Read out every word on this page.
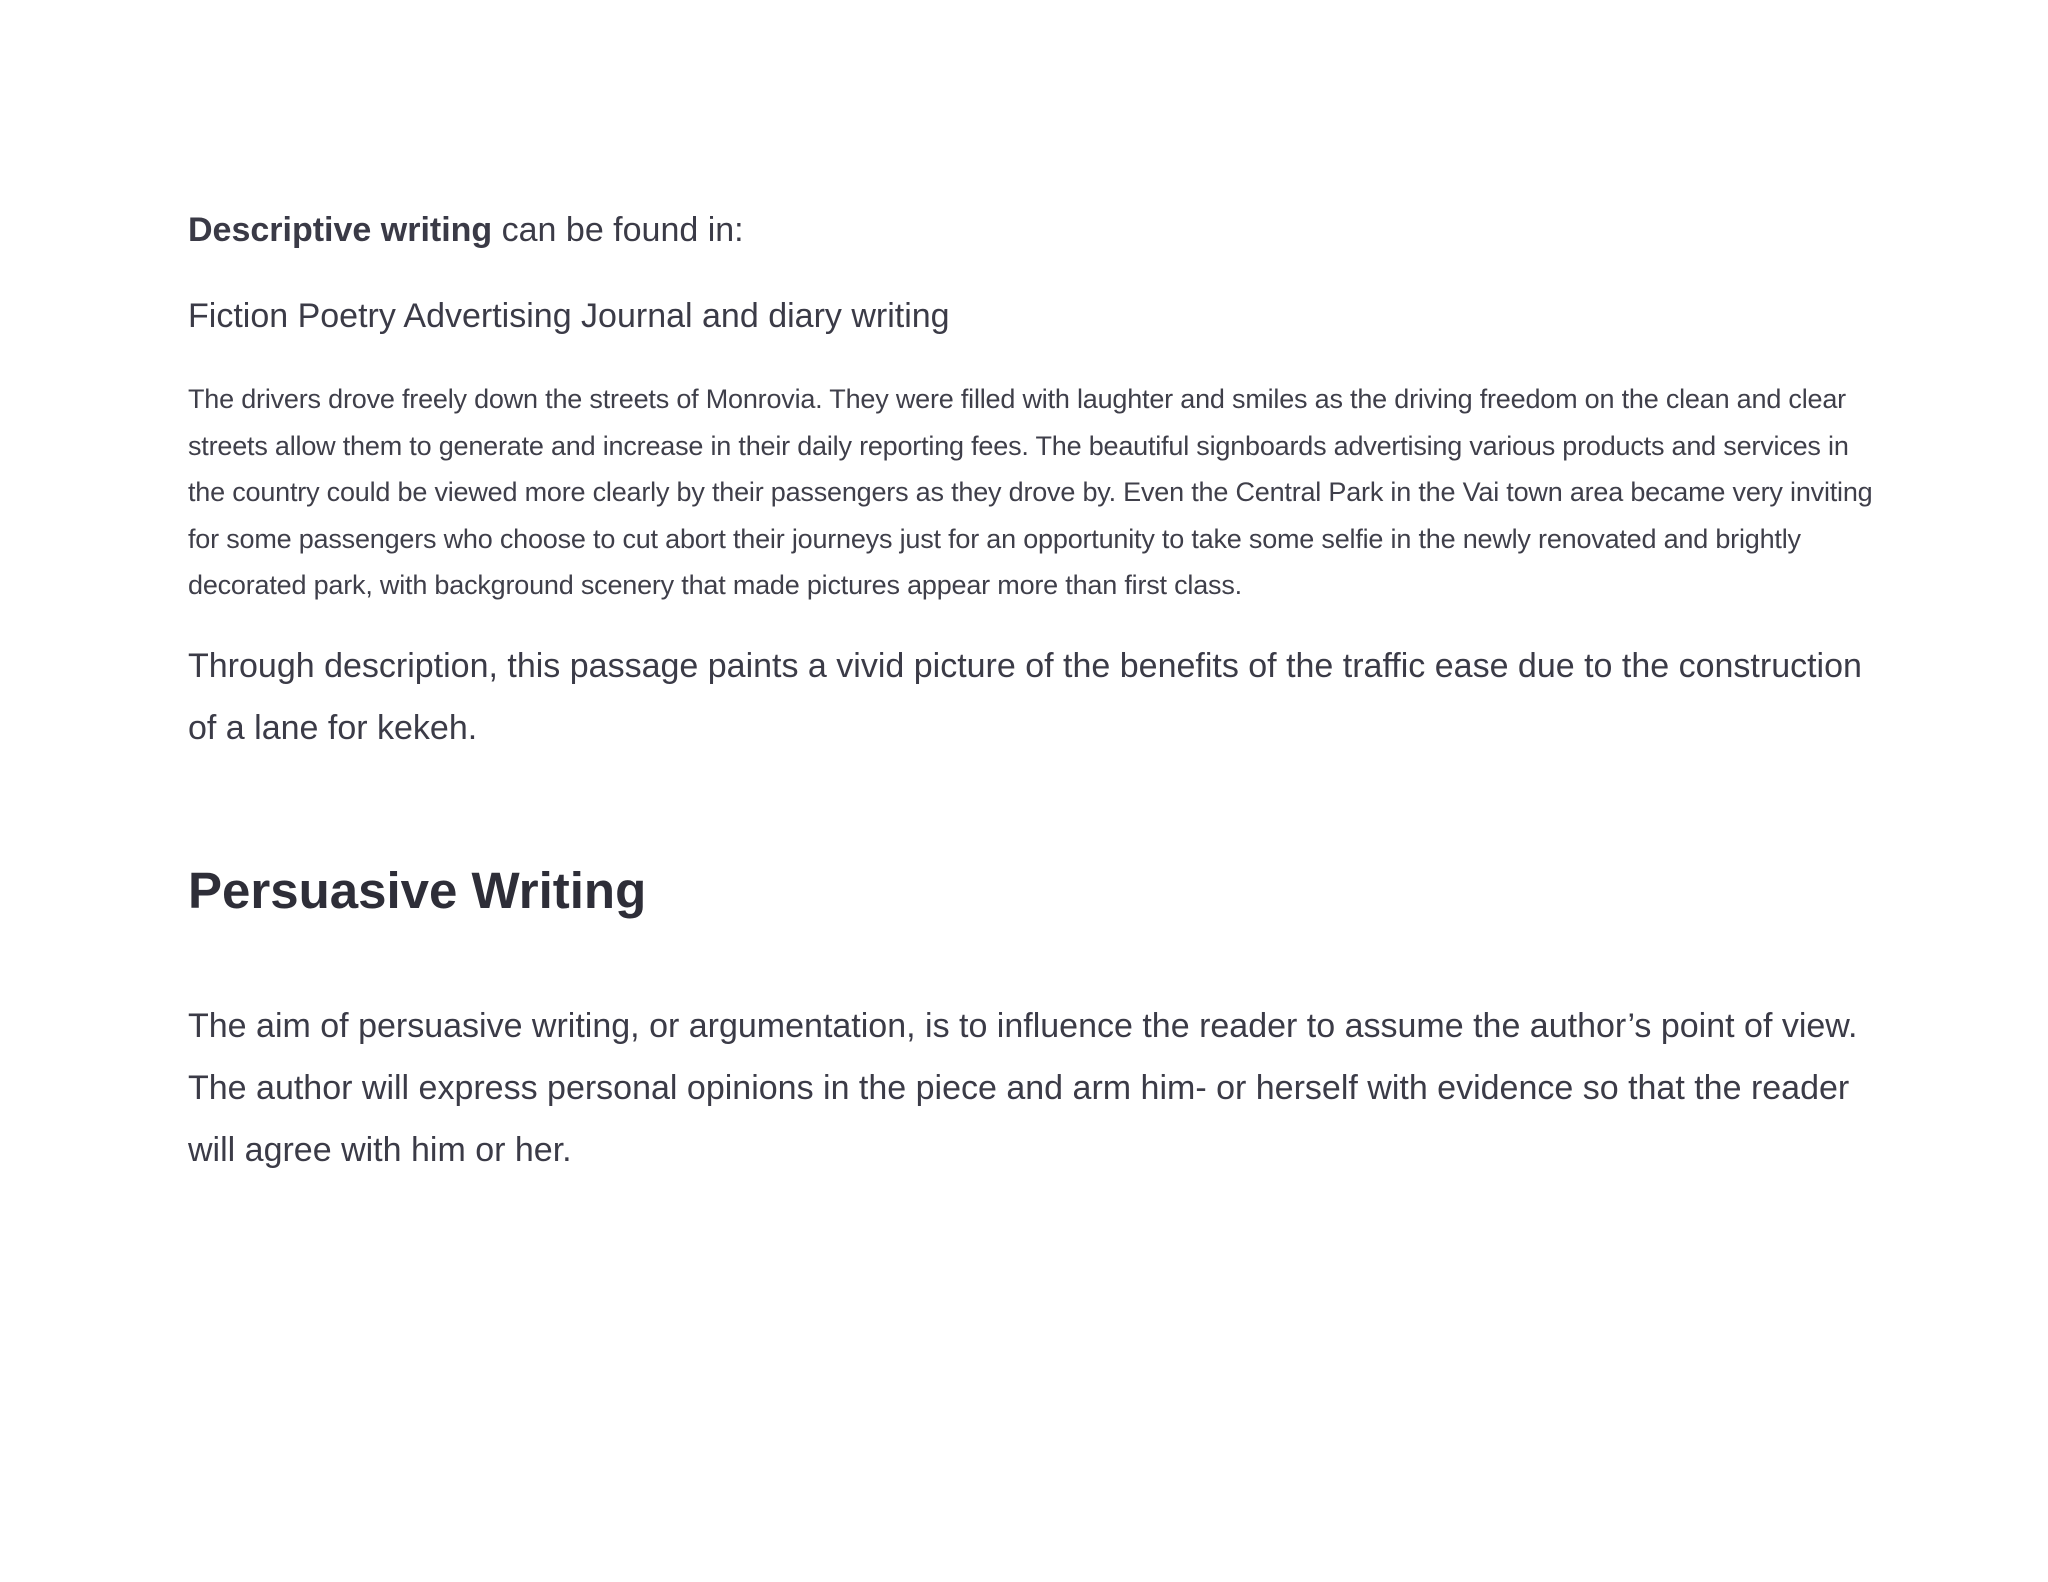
Descriptive writing can be found in:

Fiction Poetry Advertising Journal and diary writing

The drivers drove freely down the streets of Monrovia. They were filled with laughter and smiles as the driving freedom on the clean and clear streets allow them to generate and increase in their daily reporting fees. The beautiful signboards advertising various products and services in the country could be viewed more clearly by their passengers as they drove by. Even the Central Park in the Vai town area became very inviting for some passengers who choose to cut abort their journeys just for an opportunity to take some selfie in the newly renovated and brightly decorated park, with background scenery that made pictures appear more than first class.

Through description, this passage paints a vivid picture of the benefits of the traffic ease due to the construction of a lane for kekeh.

Persuasive Writing

The aim of persuasive writing, or argumentation, is to influence the reader to assume the author’s point of view. The author will express personal opinions in the piece and arm him- or herself with evidence so that the reader will agree with him or her.
